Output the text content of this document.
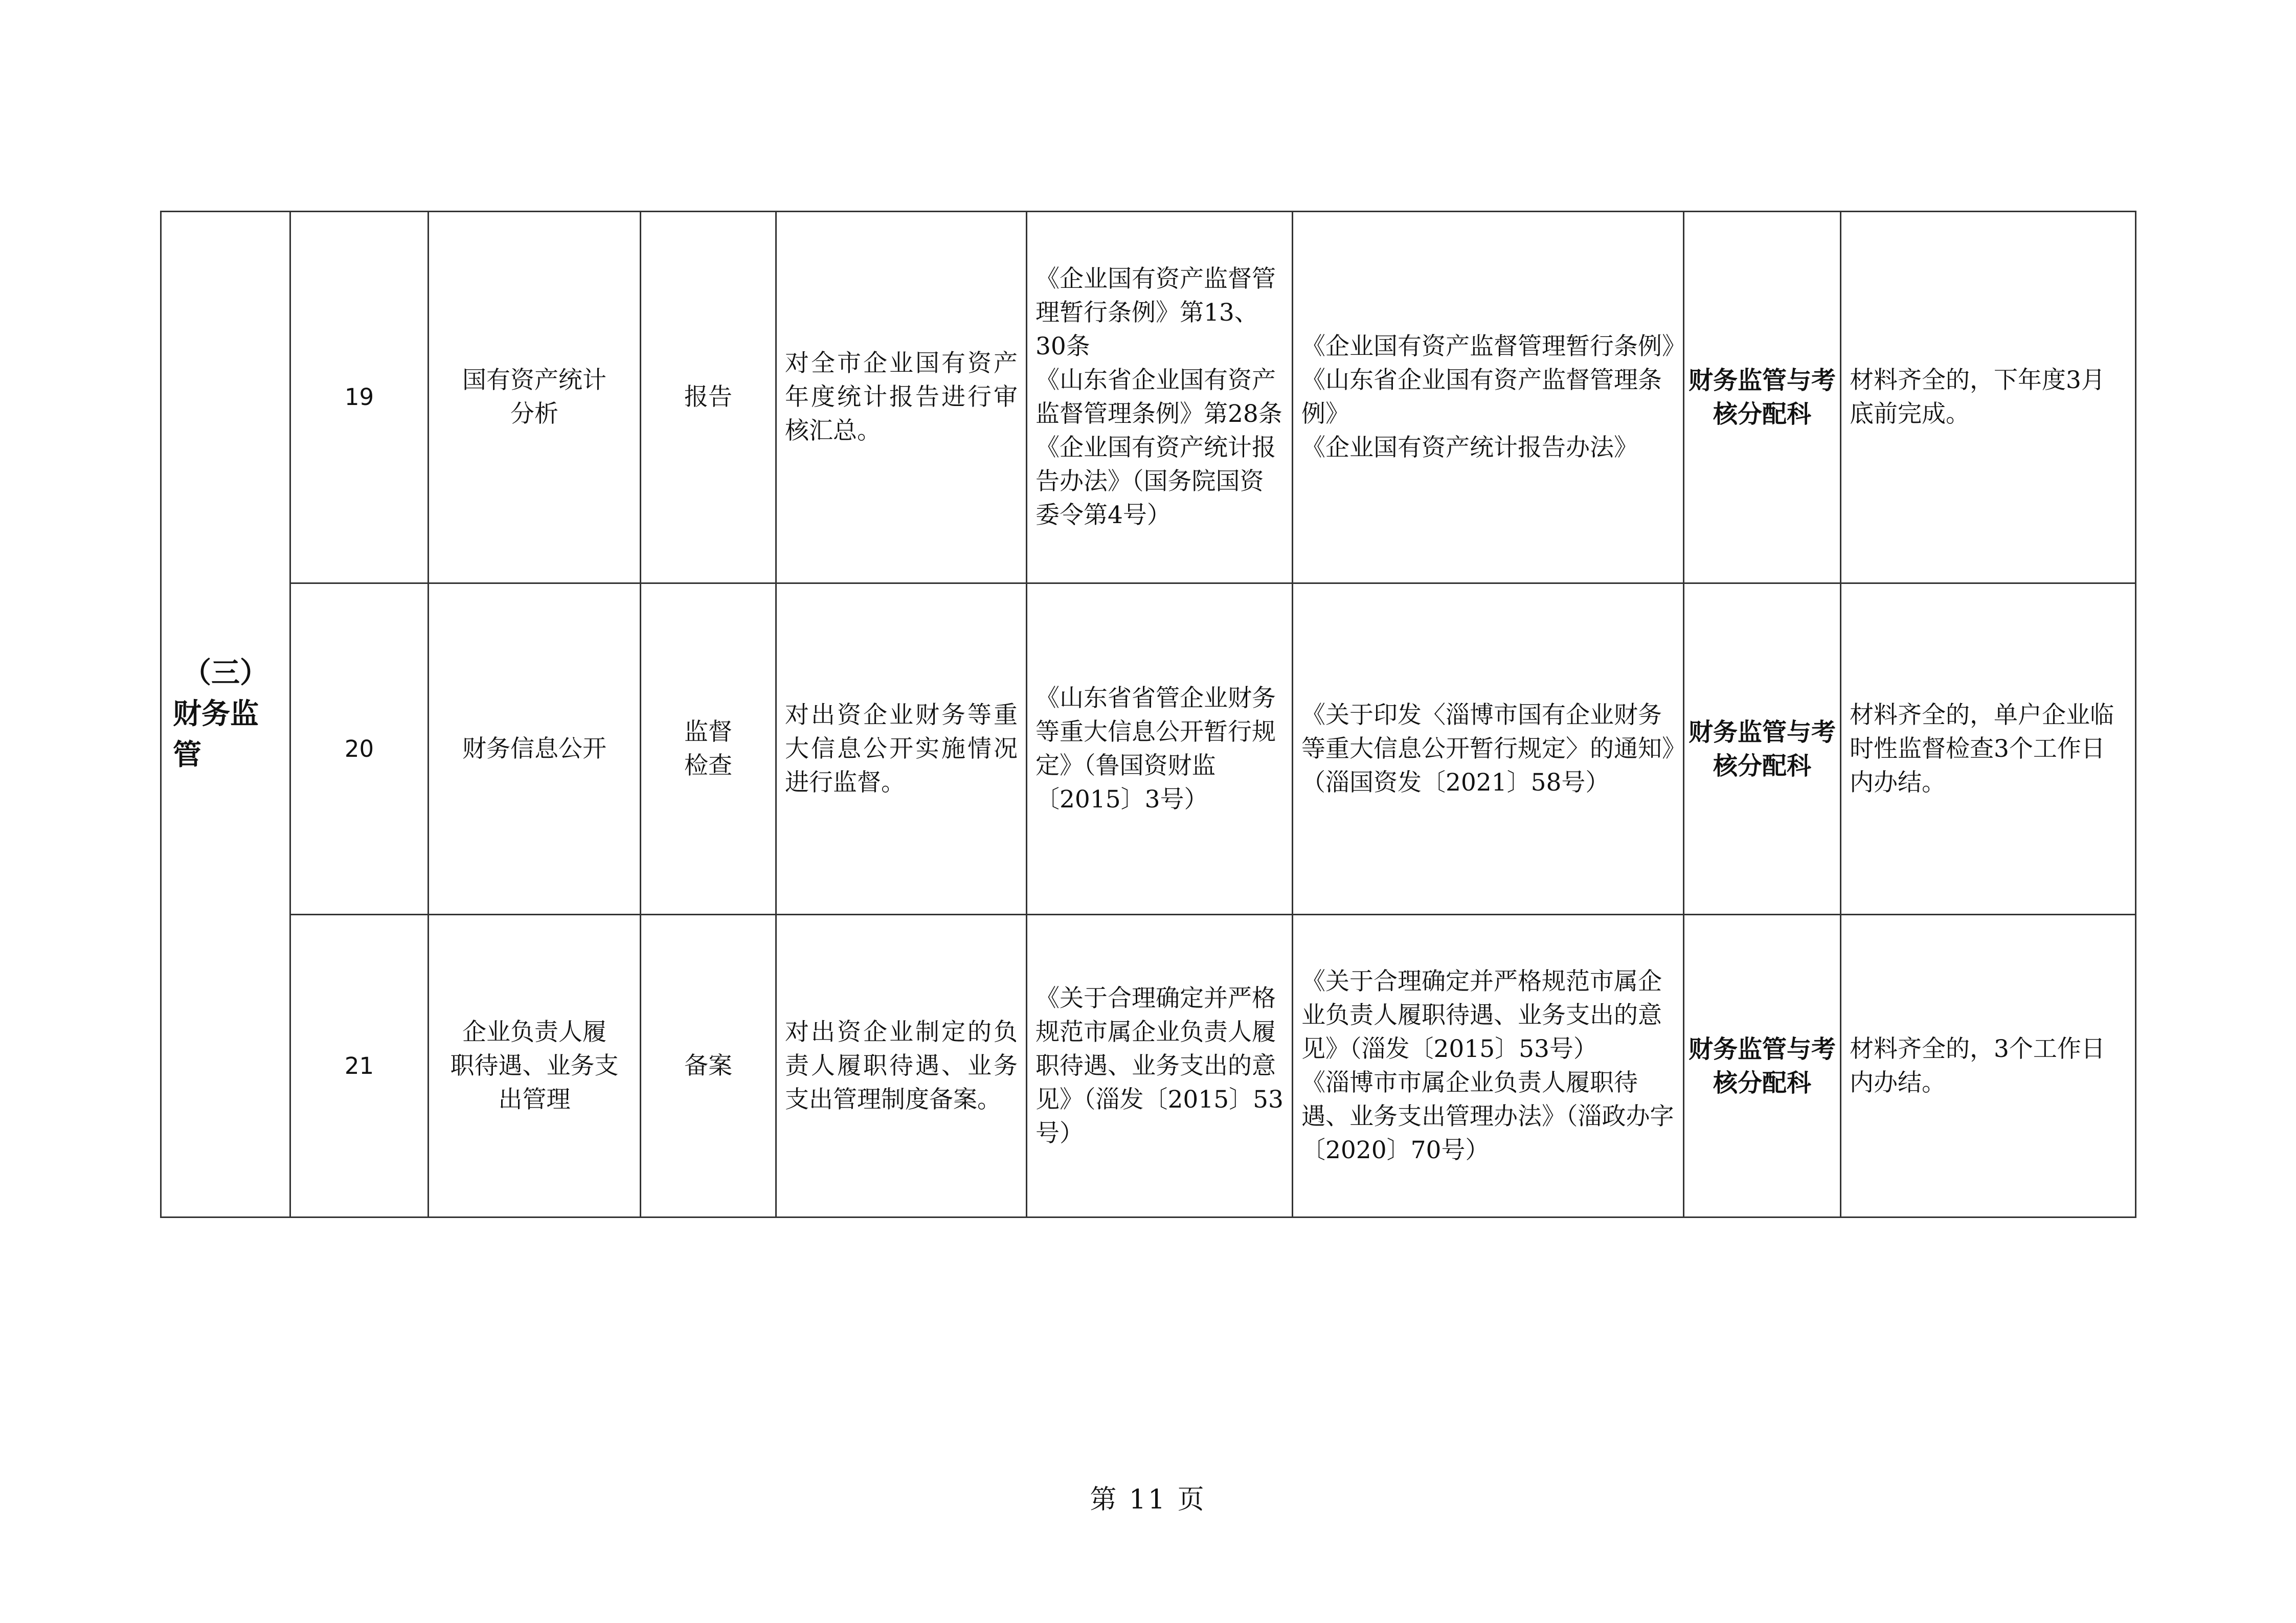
（三）
财务监
管	19	国有资产统计
分析	报告	对全市企业国有资产年度统计报告进行审核汇总。	《企业国有资产监督管理暂行条例》第13、30条
《山东省企业国有资产监督管理条例》第28条
《企业国有资产统计报告办法》（国务院国资委令第4号）	《企业国有资产监督管理暂行条例》
《山东省企业国有资产监督管理条例》
《企业国有资产统计报告办法》	财务监管与考核分配科	材料齐全的，下年度3月底前完成。
	20	财务信息公开	监督
检查	对出资企业财务等重大信息公开实施情况进行监督。	《山东省省管企业财务等重大信息公开暂行规定》（鲁国资财监〔2015〕3号）	《关于印发〈淄博市国有企业财务等重大信息公开暂行规定〉的通知》（淄国资发〔2021〕58号）	财务监管与考核分配科	材料齐全的，单户企业临时性监督检查3个工作日内办结。
	21	企业负责人履
职待遇、业务支
出管理	备案	对出资企业制定的负责人履职待遇、业务支出管理制度备案。	《关于合理确定并严格规范市属企业负责人履职待遇、业务支出的意见》（淄发〔2015〕53号）	《关于合理确定并严格规范市属企业负责人履职待遇、业务支出的意见》（淄发〔2015〕53号）
《淄博市市属企业负责人履职待遇、业务支出管理办法》（淄政办字〔2020〕70号）	财务监管与考核分配科	材料齐全的，3个工作日内办结。
第 11 页
